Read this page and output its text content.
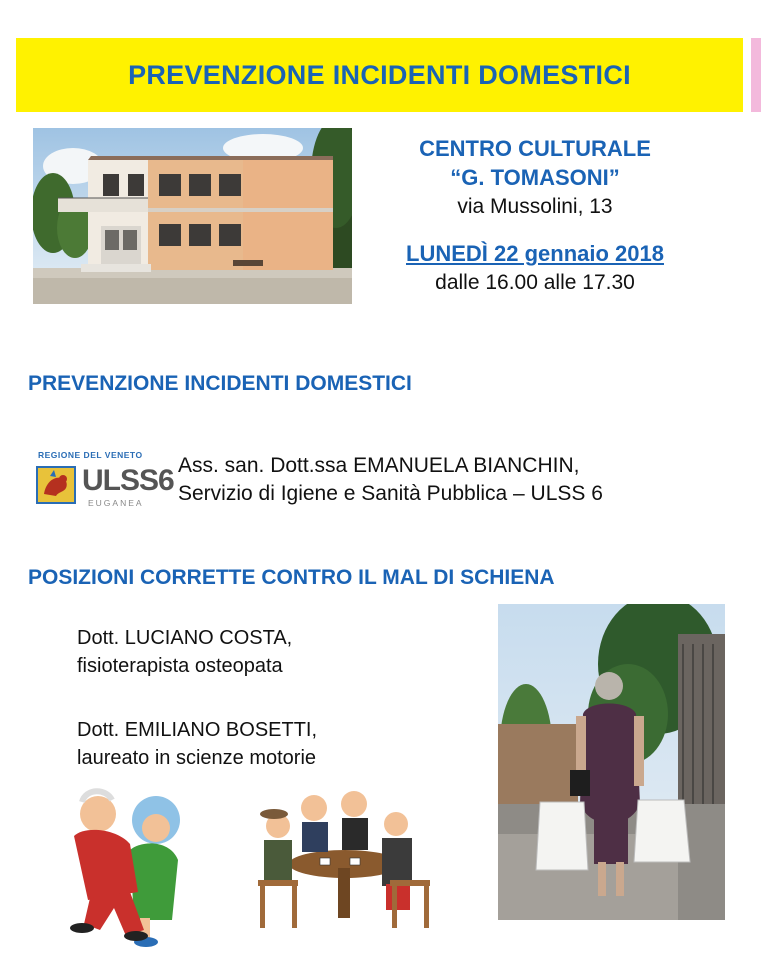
PREVENZIONE INCIDENTI DOMESTICI
CENTRO CULTURALE
“G. TOMASONI”
via Mussolini, 13
LUNEDÌ 22 gennaio 2018
dalle 16.00 alle 17.30
PREVENZIONE INCIDENTI DOMESTICI
REGIONE DEL VENETO
ULSS6
EUGANEA
Ass. san. Dott.ssa EMANUELA BIANCHIN,
Servizio di Igiene e Sanità Pubblica – ULSS 6
POSIZIONI CORRETTE CONTRO IL MAL DI SCHIENA
Dott. LUCIANO COSTA,
fisioterapista osteopata
Dott. EMILIANO BOSETTI,
laureato in scienze motorie
